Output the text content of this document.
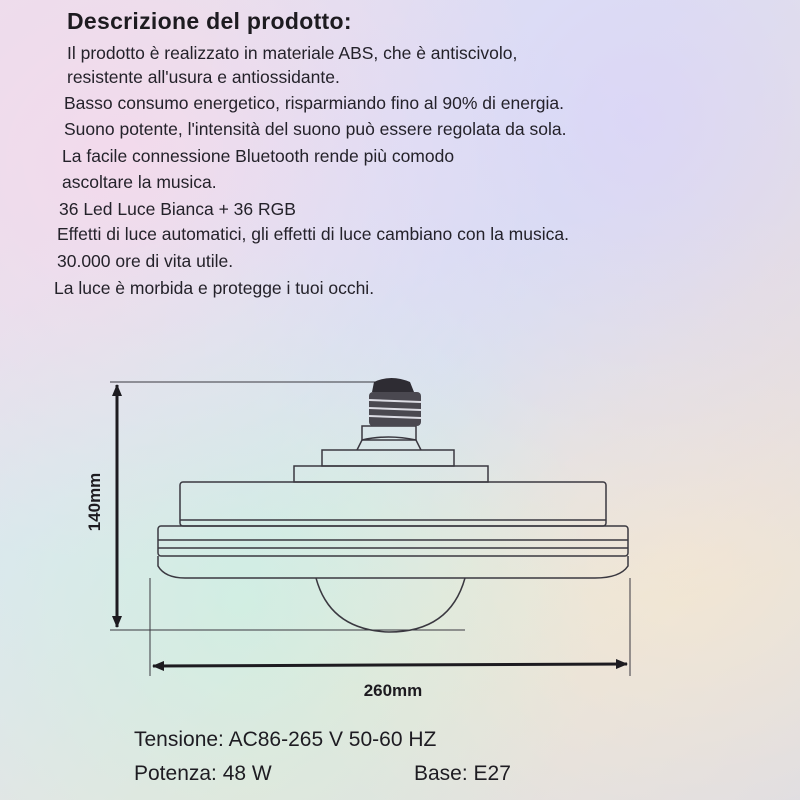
Descrizione del prodotto:
Il prodotto è realizzato in materiale ABS, che è antiscivolo,
resistente all'usura e antiossidante.
Basso consumo energetico, risparmiando fino al 90% di energia.
Suono potente, l'intensità del suono può essere regolata da sola.
La facile connessione Bluetooth rende più comodo
ascoltare la musica.
36 Led Luce Bianca + 36 RGB
Effetti di luce automatici, gli effetti di luce cambiano con la musica.
30.000 ore di vita utile.
La luce è morbida e protegge i tuoi occhi.
140mm
260mm
Tensione: AC86-265 V 50-60 HZ
Potenza: 48 W	Base: E27
